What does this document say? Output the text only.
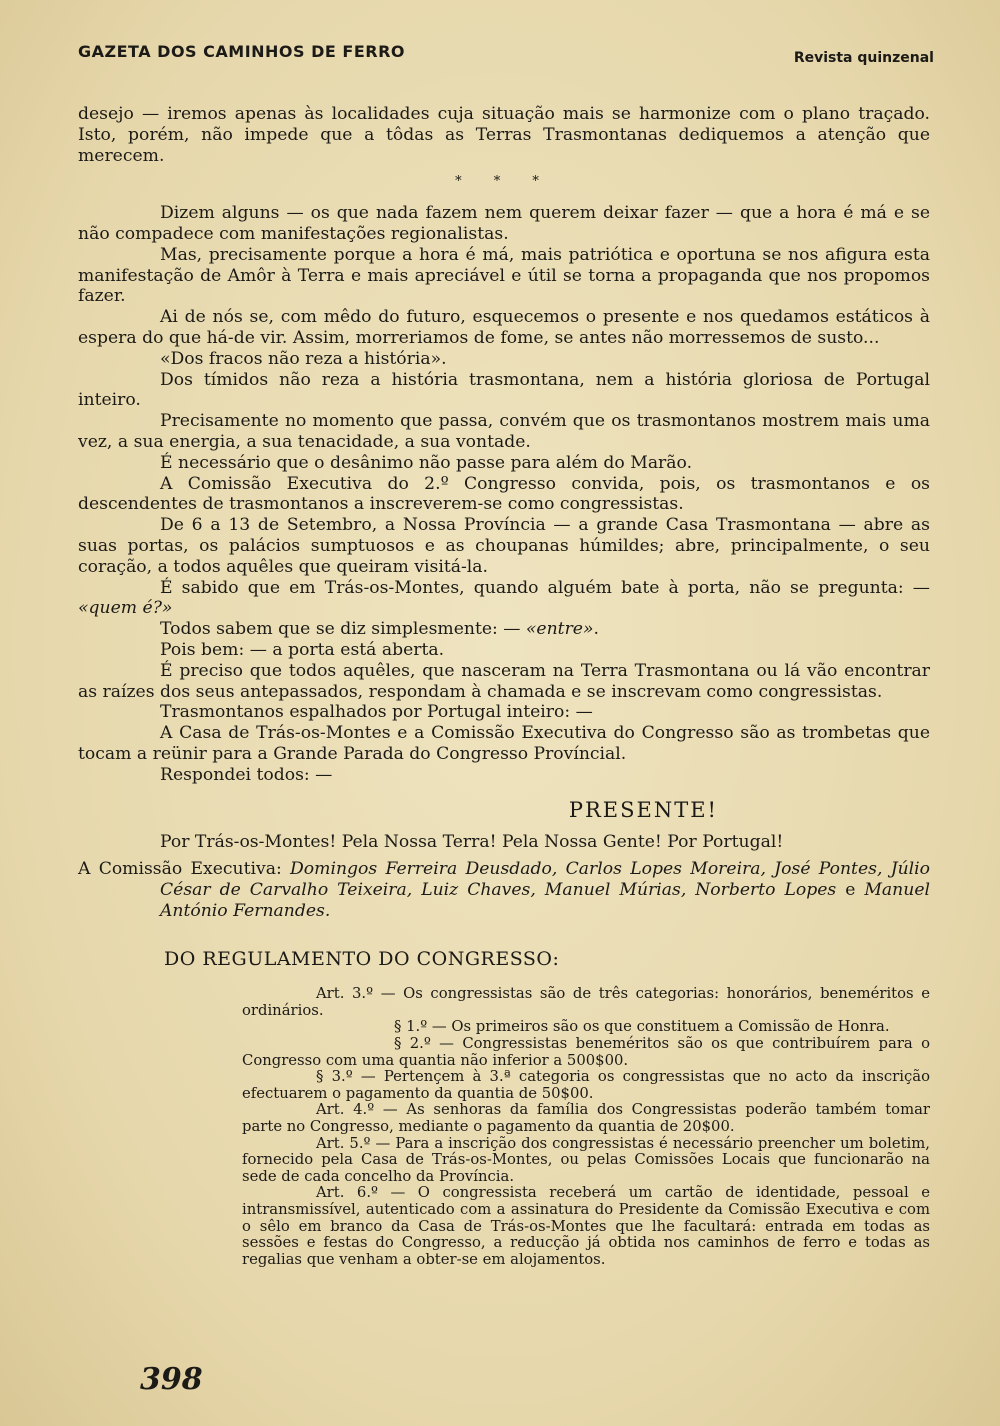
GAZETA DOS CAMINHOS DE FERRO	Revista quinzenal

desejo — iremos apenas às localidades cuja situação mais se harmonize com o plano traçado. Isto, porém, não impede que a tôdas as Terras Trasmontanas dediquemos a atenção que merecem.

* * *

Dizem alguns — os que nada fazem nem querem deixar fazer — que a hora é má e se não compadece com manifestações regionalistas.

Mas, precisamente porque a hora é má, mais patriótica e oportuna se nos afigura esta manifestação de Amôr à Terra e mais apreciável e útil se torna a propaganda que nos propomos fazer.

Ai de nós se, com mêdo do futuro, esquecemos o presente e nos quedamos estáticos à espera do que há-de vir. Assim, morreriamos de fome, se antes não morressemos de susto...

«Dos fracos não reza a história».

Dos tímidos não reza a história trasmontana, nem a história gloriosa de Portugal inteiro.

Precisamente no momento que passa, convém que os trasmontanos mostrem mais uma vez, a sua energia, a sua tenacidade, a sua vontade.

É necessário que o desânimo não passe para além do Marão.

A Comissão Executiva do 2.º Congresso convida, pois, os trasmontanos e os descendentes de trasmontanos a inscreverem-se como congressistas.

De 6 a 13 de Setembro, a Nossa Província — a grande Casa Trasmontana — abre as suas portas, os palácios sumptuosos e as choupanas húmildes; abre, principalmente, o seu coração, a todos aquêles que queiram visitá-la.

É sabido que em Trás-os-Montes, quando alguém bate à porta, não se pregunta: — «quem é?»

Todos sabem que se diz simplesmente: — «entre».

Pois bem: — a porta está aberta.

É preciso que todos aquêles, que nasceram na Terra Trasmontana ou lá vão encontrar as raízes dos seus antepassados, respondam à chamada e se inscrevam como congressistas.

Trasmontanos espalhados por Portugal inteiro: —

A Casa de Trás-os-Montes e a Comissão Executiva do Congresso são as trombetas que tocam a reünir para a Grande Parada do Congresso Províncial.

Respondei todos: —

PRESENTE!

Por Trás-os-Montes! Pela Nossa Terra! Pela Nossa Gente! Por Portugal!

A Comissão Executiva: Domingos Ferreira Deusdado, Carlos Lopes Moreira, José Pontes, Júlio César de Carvalho Teixeira, Luiz Chaves, Manuel Múrias, Norberto Lopes e Manuel António Fernandes.

DO REGULAMENTO DO CONGRESSO:

Art. 3.º — Os congressistas são de três categorias: honorários, beneméritos e ordinários.

§ 1.º — Os primeiros são os que constituem a Comissão de Honra.

§ 2.º — Congressistas beneméritos são os que contribuírem para o Congresso com uma quantia não inferior a 500$00.

§ 3.º — Pertençem à 3.ª categoria os congressistas que no acto da inscrição efectuarem o pagamento da quantia de 50$00.

Art. 4.º — As senhoras da família dos Congressistas poderão também tomar parte no Congresso, mediante o pagamento da quantia de 20$00.

Art. 5.º — Para a inscrição dos congressistas é necessário preencher um boletim, fornecido pela Casa de Trás-os-Montes, ou pelas Comissões Locais que funcionarão na sede de cada concelho da Província.

Art. 6.º — O congressista receberá um cartão de identidade, pessoal e intransmissível, autenticado com a assinatura do Presidente da Comissão Executiva e com o sêlo em branco da Casa de Trás-os-Montes que lhe facultará: entrada em todas as sessões e festas do Congresso, a reducção já obtida nos caminhos de ferro e todas as regalias que venham a obter-se em alojamentos.

398
